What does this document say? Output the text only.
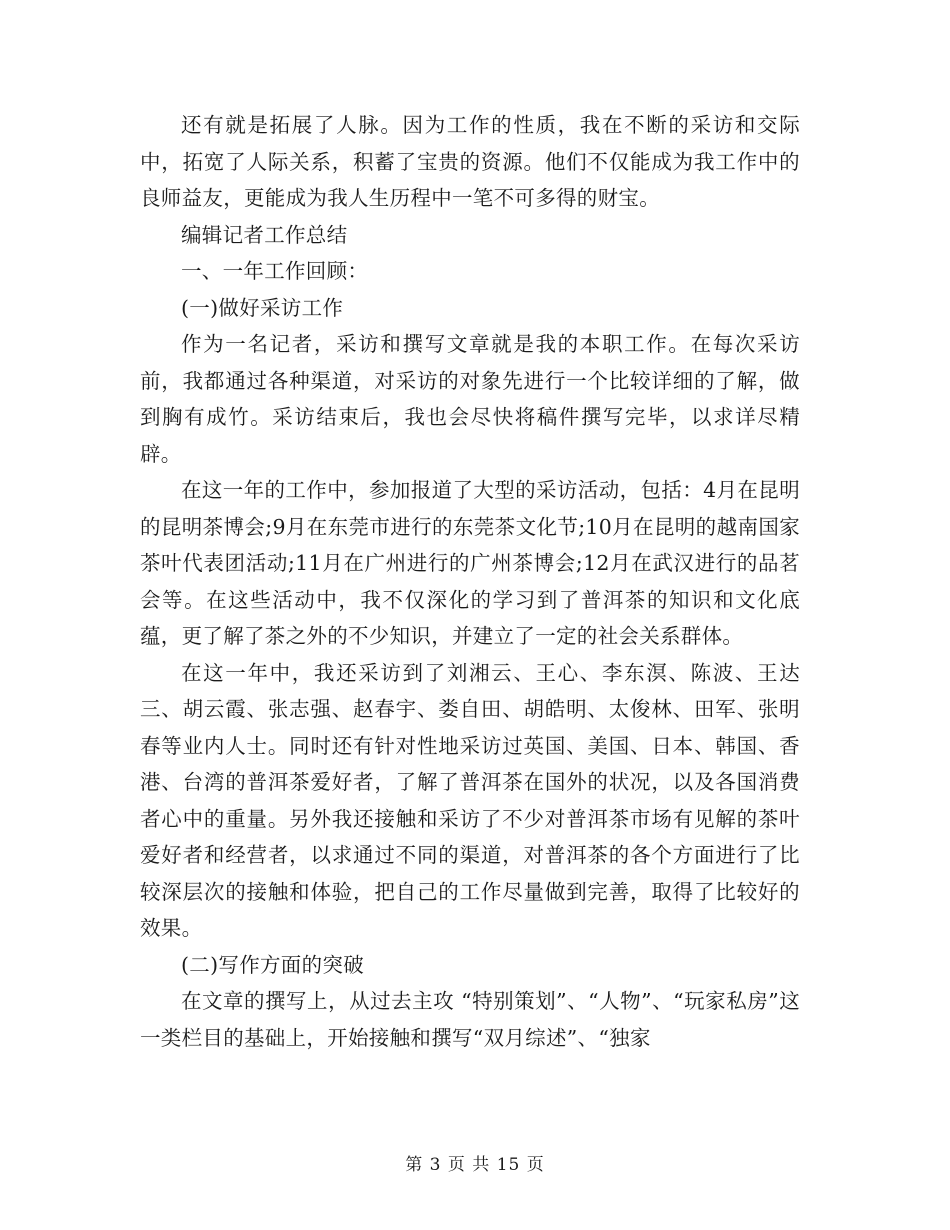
还有就是拓展了人脉。因为工作的性质，我在不断的采访和交际中，拓宽了人际关系，积蓄了宝贵的资源。他们不仅能成为我工作中的良师益友，更能成为我人生历程中一笔不可多得的财宝。

编辑记者工作总结

一、一年工作回顾：

(一)做好采访工作

作为一名记者，采访和撰写文章就是我的本职工作。在每次采访前，我都通过各种渠道，对采访的对象先进行一个比较详细的了解，做到胸有成竹。采访结束后，我也会尽快将稿件撰写完毕，以求详尽精辟。

在这一年的工作中，参加报道了大型的采访活动，包括：4月在昆明的昆明茶博会;9月在东莞市进行的东莞茶文化节;10月在昆明的越南国家茶叶代表团活动;11月在广州进行的广州茶博会;12月在武汉进行的品茗会等。在这些活动中，我不仅深化的学习到了普洱茶的知识和文化底蕴，更了解了茶之外的不少知识，并建立了一定的社会关系群体。

在这一年中，我还采访到了刘湘云、王心、李东溟、陈波、王达三、胡云霞、张志强、赵春宇、娄自田、胡皓明、太俊林、田军、张明春等业内人士。同时还有针对性地采访过英国、美国、日本、韩国、香港、台湾的普洱茶爱好者，了解了普洱茶在国外的状况，以及各国消费者心中的重量。另外我还接触和采访了不少对普洱茶市场有见解的茶叶爱好者和经营者，以求通过不同的渠道，对普洱茶的各个方面进行了比较深层次的接触和体验，把自己的工作尽量做到完善，取得了比较好的效果。

(二)写作方面的突破

在文章的撰写上，从过去主攻 “特别策划”、“人物”、“玩家私房”这一类栏目的基础上，开始接触和撰写“双月综述”、“独家

第 3 页 共 15 页
